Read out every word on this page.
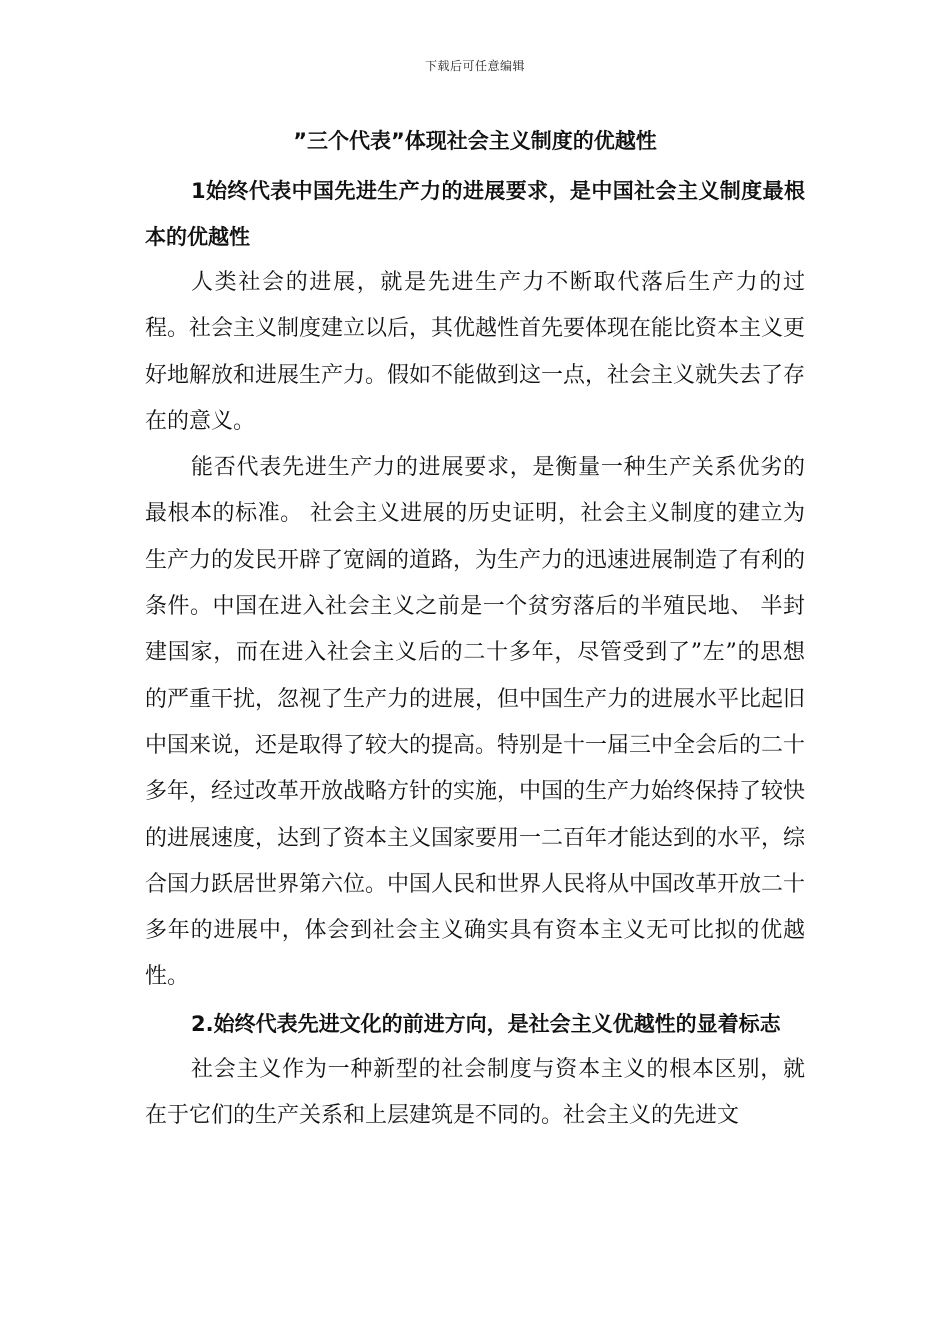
下载后可任意编辑
”三个代表”体现社会主义制度的优越性
1始终代表中国先进生产力的进展要求，是中国社会主义制度最根本的优越性

人类社会的进展，就是先进生产力不断取代落后生产力的过程。社会主义制度建立以后，其优越性首先要体现在能比资本主义更好地解放和进展生产力。假如不能做到这一点，社会主义就失去了存在的意义。

能否代表先进生产力的进展要求，是衡量一种生产关系优劣的最根本的标准。 社会主义进展的历史证明，社会主义制度的建立为生产力的发民开辟了宽阔的道路，为生产力的迅速进展制造了有利的条件。中国在进入社会主义之前是一个贫穷落后的半殖民地、 半封建国家，而在进入社会主义后的二十多年，尽管受到了”左”的思想的严重干扰，忽视了生产力的进展，但中国生产力的进展水平比起旧中国来说，还是取得了较大的提高。特别是十一届三中全会后的二十多年，经过改革开放战略方针的实施，中国的生产力始终保持了较快的进展速度，达到了资本主义国家要用一二百年才能达到的水平，综合国力跃居世界第六位。中国人民和世界人民将从中国改革开放二十多年的进展中，体会到社会主义确实具有资本主义无可比拟的优越性。

2.始终代表先进文化的前进方向，是社会主义优越性的显着标志

社会主义作为一种新型的社会制度与资本主义的根本区别，就在于它们的生产关系和上层建筑是不同的。社会主义的先进文
